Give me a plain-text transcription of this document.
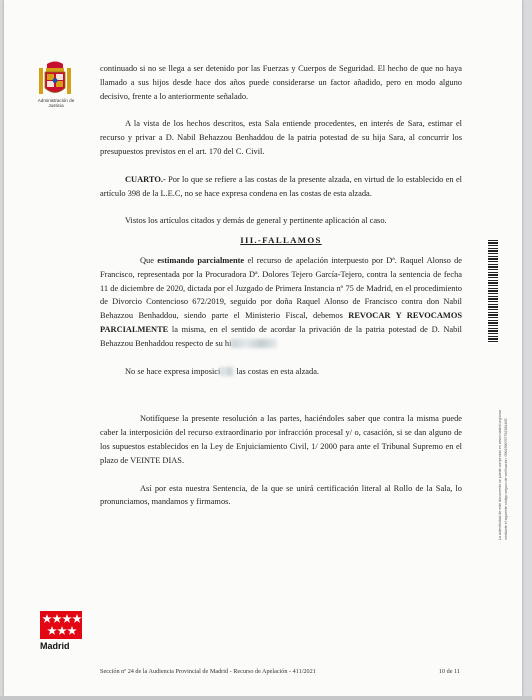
Administración de Justicia

continuado si no se llega a ser detenido por las Fuerzas y Cuerpos de Seguridad. El hecho de que no haya llamado a sus hijos desde hace dos años puede considerarse un factor añadido, pero en modo alguno decisivo, frente a lo anteriormente señalado.

A la vista de los hechos descritos, esta Sala entiende procedentes, en interés de Sara, estimar el recurso y privar a D. Nabil Behazzou Benhaddou de la patria potestad de su hija Sara, al concurrir los presupuestos previstos en el art. 170 del C. Civil.

CUARTO.- Por lo que se refiere a las costas de la presente alzada, en virtud de lo establecido en el artículo 398 de la L.E.C, no se hace expresa condena en las costas de esta alzada.

Vistos los artículos citados y demás de general y pertinente aplicación al caso.

III.-FALLAMOS

Que estimando parcialmente el recurso de apelación interpuesto por Dª. Raquel Alonso de Francisco, representada por la Procuradora Dª. Dolores Tejero García-Tejero, contra la sentencia de fecha 11 de diciembre de 2020, dictada por el Juzgado de Primera Instancia nº 75 de Madrid, en el procedimiento de Divorcio Contencioso 672/2019, seguido por doña Raquel Alonso de Francisco contra don Nabil Behazzou Benhaddou, siendo parte el Ministerio Fiscal, debemos REVOCAR Y REVOCAMOS PARCIALMENTE la misma, en el sentido de acordar la privación de la patria potestad de D. Nabil Behazzou Benhaddou respecto de su hi

No se hace expresa imposici las costas en esta alzada.

Notifíquese la presente resolución a las partes, haciéndoles saber que contra la misma puede caber la interposición del recurso extraordinario por infracción procesal y/ o, casación, si se dan alguno de los supuestos establecidos en la Ley de Enjuiciamiento Civil, 1/ 2000 para ante el Tribunal Supremo en el plazo de VEINTE DIAS.

Así por esta nuestra Sentencia, de la que se unirá certificación literal al Rollo de la Sala, lo pronunciamos, mandamos y firmamos.	La autenticidad de este documento se puede comprobar en www.madrid.org/cove mediante el siguiente código seguro de verificación: 0964996767762384465
Madrid
Sección nº 24 de la Audiencia Provincial de Madrid - Recurso de Apelación - 411/2021	10 de 11
